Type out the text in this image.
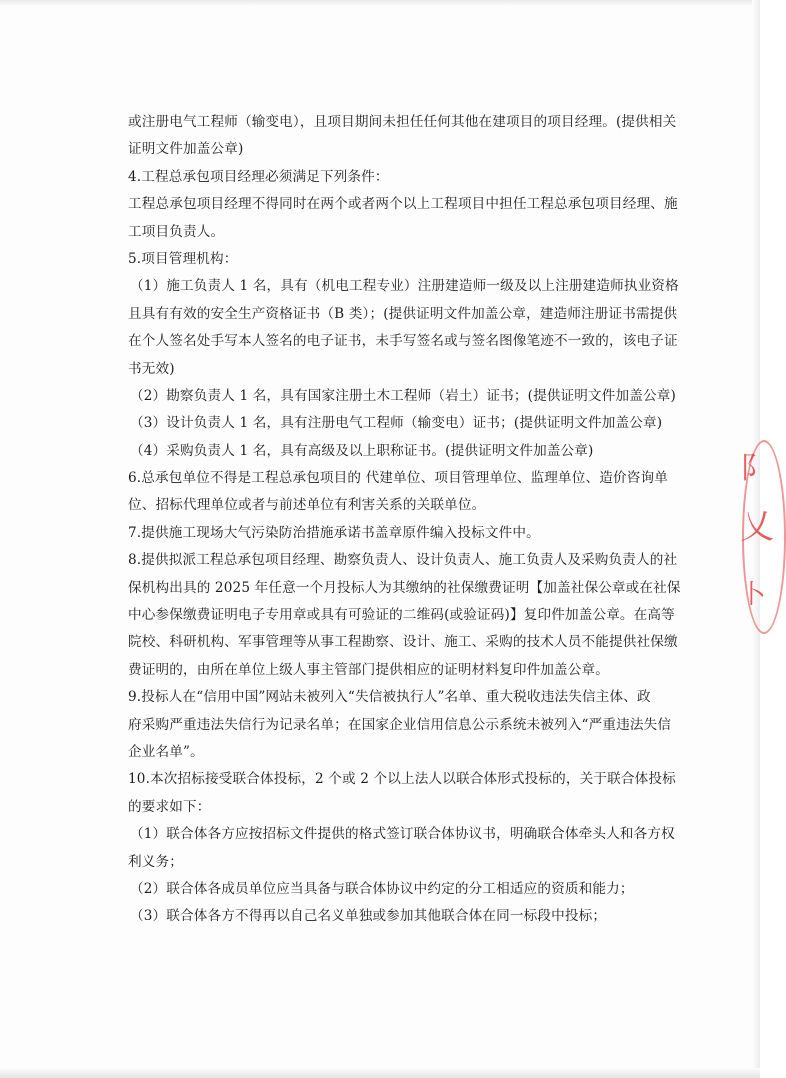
或注册电气工程师（输变电），且项目期间未担任任何其他在建项目的项目经理。(提供相关
证明文件加盖公章)
4.工程总承包项目经理必须满足下列条件：
工程总承包项目经理不得同时在两个或者两个以上工程项目中担任工程总承包项目经理、施
工项目负责人。
5.项目管理机构：
（1）施工负责人 1 名，具有（机电工程专业）注册建造师一级及以上注册建造师执业资格
且具有有效的安全生产资格证书（B 类）；(提供证明文件加盖公章，建造师注册证书需提供
在个人签名处手写本人签名的电子证书，未手写签名或与签名图像笔迹不一致的，该电子证
书无效)
（2）勘察负责人 1 名，具有国家注册土木工程师（岩土）证书；(提供证明文件加盖公章)
（3）设计负责人 1 名，具有注册电气工程师（输变电）证书；(提供证明文件加盖公章)
（4）采购负责人 1 名，具有高级及以上职称证书。(提供证明文件加盖公章)
6.总承包单位不得是工程总承包项目的 代建单位、项目管理单位、监理单位、造价咨询单
位、招标代理单位或者与前述单位有利害关系的关联单位。
7.提供施工现场大气污染防治措施承诺书盖章原件编入投标文件中。
8.提供拟派工程总承包项目经理、勘察负责人、设计负责人、施工负责人及采购负责人的社
保机构出具的 2025 年任意一个月投标人为其缴纳的社保缴费证明【加盖社保公章或在社保
中心参保缴费证明电子专用章或具有可验证的二维码(或验证码)】复印件加盖公章。在高等
院校、科研机构、军事管理等从事工程勘察、设计、施工、采购的技术人员不能提供社保缴
费证明的，由所在单位上级人事主管部门提供相应的证明材料复印件加盖公章。
9.投标人在“信用中国”网站未被列入“失信被执行人”名单、重大税收违法失信主体、政
府采购严重违法失信行为记录名单；在国家企业信用信息公示系统未被列入“严重违法失信
企业名单”。
10.本次招标接受联合体投标，2 个或 2 个以上法人以联合体形式投标的，关于联合体投标
的要求如下：
（1）联合体各方应按招标文件提供的格式签订联合体协议书，明确联合体牵头人和各方权
利义务；
（2）联合体各成员单位应当具备与联合体协议中约定的分工相适应的资质和能力；
（3）联合体各方不得再以自己名义单独或参加其他联合体在同一标段中投标；
阝
乂
卜
